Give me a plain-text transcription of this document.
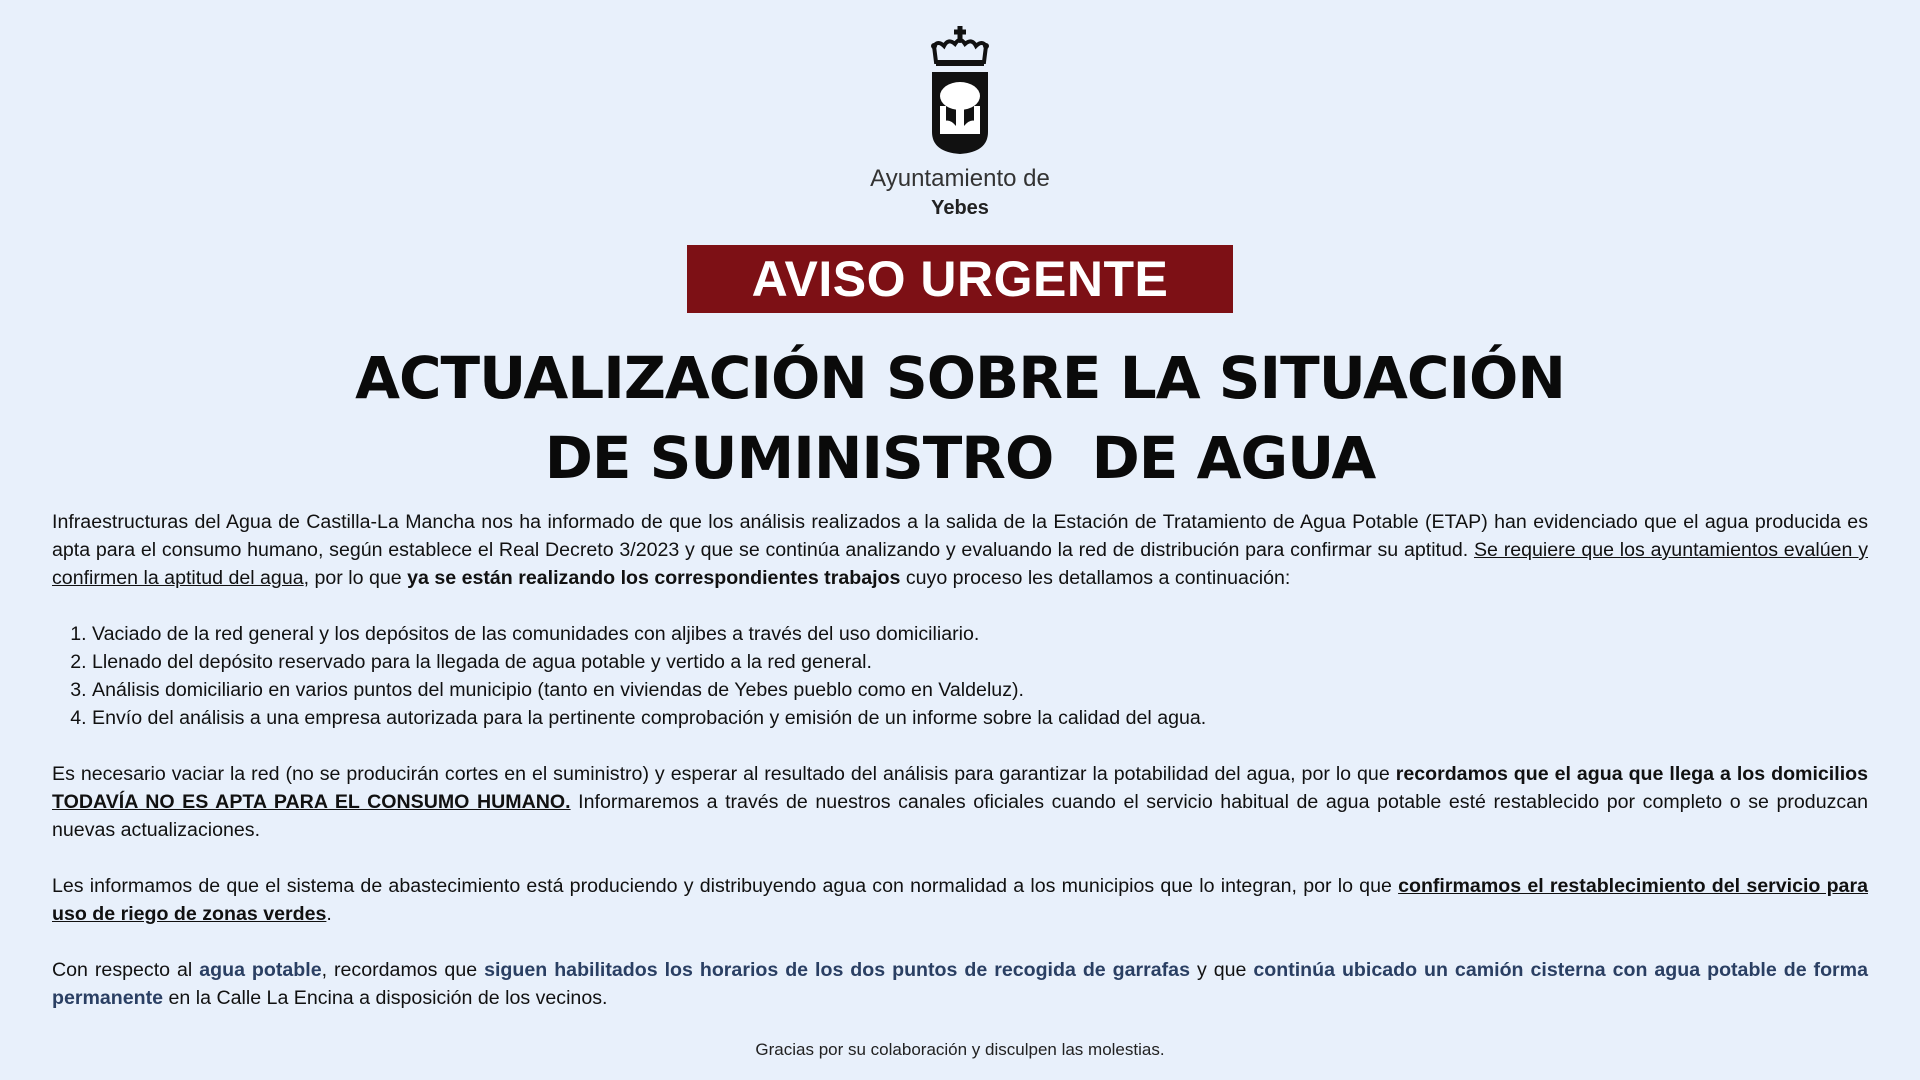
Ayuntamiento de
Yebes
AVISO URGENTE
ACTUALIZACIÓN SOBRE LA SITUACIÓN
DE SUMINISTRO  DE AGUA

Infraestructuras del Agua de Castilla-La Mancha nos ha informado de que los análisis realizados a la salida de la Estación de Tratamiento de Agua Potable (ETAP) han evidenciado que el agua producida es apta para el consumo humano, según establece el Real Decreto 3/2023 y que se continúa analizando y evaluando la red de distribución para confirmar su aptitud. Se requiere que los ayuntamientos evalúen y confirmen la aptitud del agua, por lo que ya se están realizando los correspondientes trabajos cuyo proceso les detallamos a continuación:

1. Vaciado de la red general y los depósitos de las comunidades con aljibes a través del uso domiciliario.
2. Llenado del depósito reservado para la llegada de agua potable y vertido a la red general.
3. Análisis domiciliario en varios puntos del municipio (tanto en viviendas de Yebes pueblo como en Valdeluz).
4. Envío del análisis a una empresa autorizada para la pertinente comprobación y emisión de un informe sobre la calidad del agua.

Es necesario vaciar la red (no se producirán cortes en el suministro) y esperar al resultado del análisis para garantizar la potabilidad del agua, por lo que recordamos que el agua que llega a los domicilios TODAVÍA NO ES APTA PARA EL CONSUMO HUMANO. Informaremos a través de nuestros canales oficiales cuando el servicio habitual de agua potable esté restablecido por completo o se produzcan nuevas actualizaciones.

Les informamos de que el sistema de abastecimiento está produciendo y distribuyendo agua con normalidad a los municipios que lo integran, por lo que confirmamos el restablecimiento del servicio para uso de riego de zonas verdes.

Con respecto al agua potable, recordamos que siguen habilitados los horarios de los dos puntos de recogida de garrafas y que continúa ubicado un camión cisterna con agua potable de forma permanente en la Calle La Encina a disposición de los vecinos.

Gracias por su colaboración y disculpen las molestias.
